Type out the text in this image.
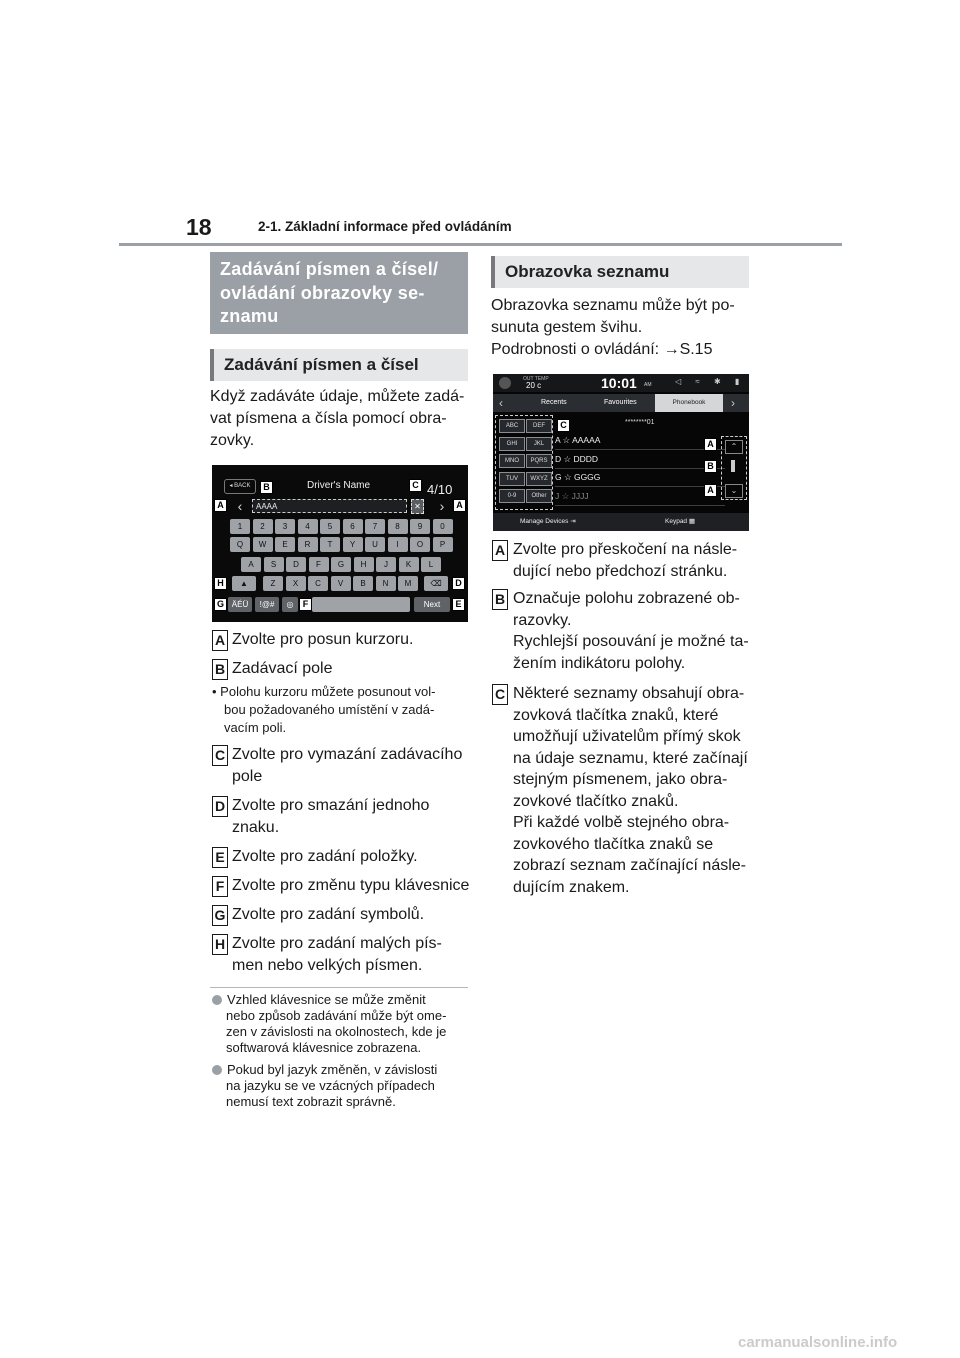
18	2-1. Základní informace před ovládáním
Zadávání písmen a čísel/
ovládání obrazovky se-
znamu
Zadávání písmen a čísel
Když zadáváte údaje, můžete zadá-
vat písmena a čísla pomocí obra-
zovky.
◂ BACK	Driver's Name	4/10
‹	AAAA	✕	›
B	C
A	A
H	D
G	E
F
1	2	3	4	5	6	7	8	9	0
Q	W	E	R	T	Y	U	I	O	P
A	S	D	F	G	H	J	K	L
Z	X	C	V	B	N	M
▲	⌫
ÄÉÜ	!@#	◎	Next
A Zvolte pro posun kurzoru.
B Zadávací pole
C Zvolte pro vymazání zadávacího
pole
D Zvolte pro smazání jednoho
znaku.
E Zvolte pro zadání položky.
F Zvolte pro změnu typu klávesnice
G Zvolte pro zadání symbolů.
H Zvolte pro zadání malých pís-
men nebo velkých písmen.
• Polohu kurzoru můžete posunout vol-
bou požadovaného umístění v zadá-
vacím poli.
Vzhled klávesnice se může změnit
nebo způsob zadávání může být ome-
zen v závislosti na okolnostech, kde je
softwarová klávesnice zobrazena.
Pokud byl jazyk změněn, v závislosti
na jazyku se ve vzácných případech
nemusí text zobrazit správně.
Obrazovka seznamu
Obrazovka seznamu může být po-
sunuta gestem švihu.
Podrobnosti o ovládání: →S.15
OUT TEMP
20 c	10:01 AM	◁ ≈ ✱ ▮
‹	Recents	Favourites	Phonebook	›
ABC	DEF
GHI	JKL
MNO	PQRS
TUV	WXYZ
0-9	Other
********01
A ☆ AAAAA
D ☆ DDDD
G ☆ GGGG
J ☆ JJJJ
⌃
⌄
C
A
B
A
Manage Devices ⇥	Keypad ▦
A Zvolte pro přeskočení na násle-
dující nebo předchozí stránku.
B Označuje polohu zobrazené ob-
razovky.
Rychlejší posouvání je možné ta-
žením indikátoru polohy.
C Některé seznamy obsahují obra-
zovková tlačítka znaků, které
umožňují uživatelům přímý skok
na údaje seznamu, které začínají
stejným písmenem, jako obra-
zovkové tlačítko znaků.
Při každé volbě stejného obra-
zovkového tlačítka znaků se
zobrazí seznam začínající násle-
dujícím znakem.
carmanualsonline.info
